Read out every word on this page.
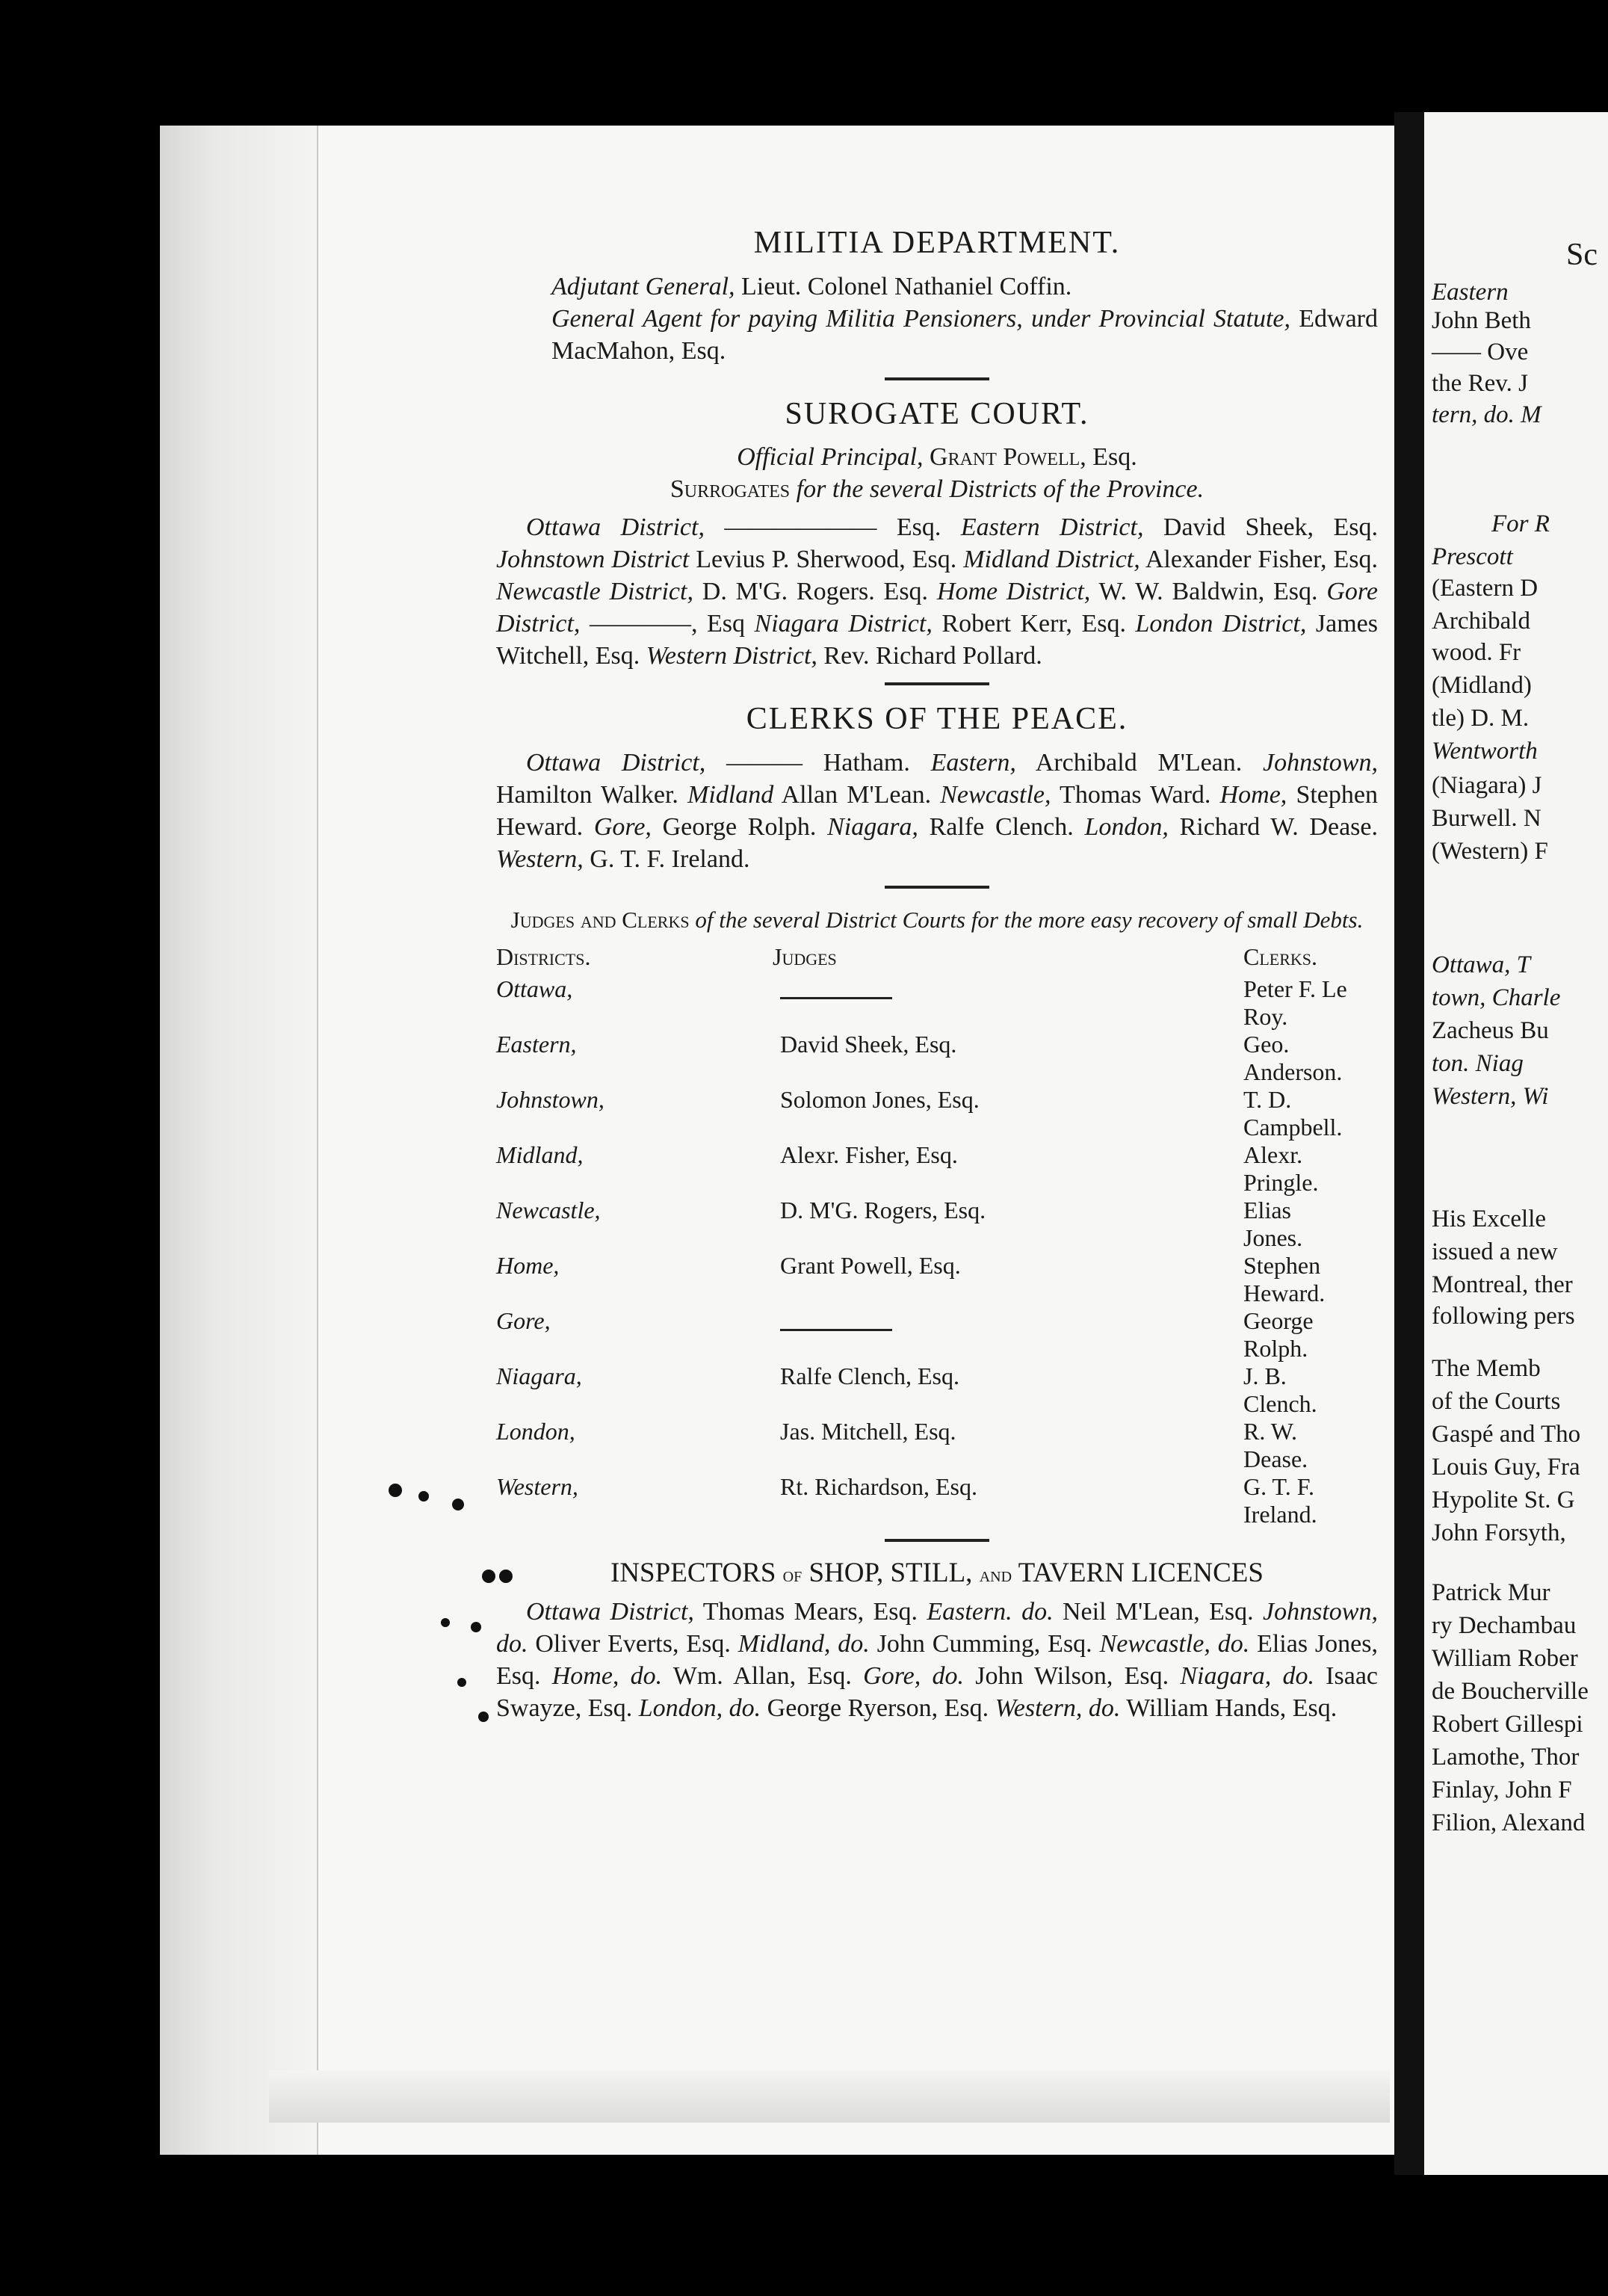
Sc
Eastern
John Beth
—— Ove
the Rev. J
tern, do. M
For R
Prescott
(Eastern D
Archibald
wood. Fr
(Midland)
tle) D. M.
Wentworth
(Niagara) J
Burwell. N
(Western) F
Ottawa, T
town, Charle
Zacheus Bu
ton. Niag
Western, Wi
His Excelle
issued a new
Montreal, ther
following pers
The Memb
of the Courts
Gaspé and Tho
Louis Guy, Fra
Hypolite St. G
John Forsyth,
Patrick Mur
ry Dechambau
William Rober
de Boucherville
Robert Gillespi
Lamothe, Thor
Finlay, John F
Filion, Alexand
MILITIA DEPARTMENT.

Adjutant General, Lieut. Colonel Nathaniel Coffin.

General Agent for paying Militia Pensioners, under Provincial Statute, Edward MacMahon, Esq.

SUROGATE COURT.

Official Principal, Grant Powell, Esq.

Surrogates for the several Districts of the Province.

Ottawa District, —————— Esq. Eastern District, David Sheek, Esq. Johnstown District Levius P. Sherwood, Esq. Midland District, Alexander Fisher, Esq. Newcastle District, D. M'G. Rogers. Esq. Home District, W. W. Baldwin, Esq. Gore District, ————, Esq Niagara District, Robert Kerr, Esq. London District, James Witchell, Esq. Western District, Rev. Richard Pollard.

CLERKS OF THE PEACE.

Ottawa District, ——— Hatham. Eastern, Archibald M'Lean. Johnstown, Hamilton Walker. Midland Allan M'Lean. Newcastle, Thomas Ward. Home, Stephen Heward. Gore, George Rolph. Niagara, Ralfe Clench. London, Richard W. Dease. Western, G. T. F. Ireland.

Judges and Clerks of the several District Courts for the more easy recovery of small Debts.

Districts.	Judges	Clerks.
Ottawa,		Peter F. Le Roy.
Eastern,	David Sheek, Esq.	Geo. Anderson.
Johnstown,	Solomon Jones, Esq.	T. D. Campbell.
Midland,	Alexr. Fisher, Esq.	Alexr. Pringle.
Newcastle,	D. M'G. Rogers, Esq.	Elias Jones.
Home,	Grant Powell, Esq.	Stephen Heward.
Gore,		George Rolph.
Niagara,	Ralfe Clench, Esq.	J. B. Clench.
London,	Jas. Mitchell, Esq.	R. W. Dease.
Western,	Rt. Richardson, Esq.	G. T. F. Ireland.

INSPECTORS of SHOP, STILL, and TAVERN LICENCES

Ottawa District, Thomas Mears, Esq. Eastern. do. Neil M'Lean, Esq. Johnstown, do. Oliver Everts, Esq. Midland, do. John Cumming, Esq. Newcastle, do. Elias Jones, Esq. Home, do. Wm. Allan, Esq. Gore, do. John Wilson, Esq. Niagara, do. Isaac Swayze, Esq. London, do. George Ryerson, Esq. Western, do. William Hands, Esq.
